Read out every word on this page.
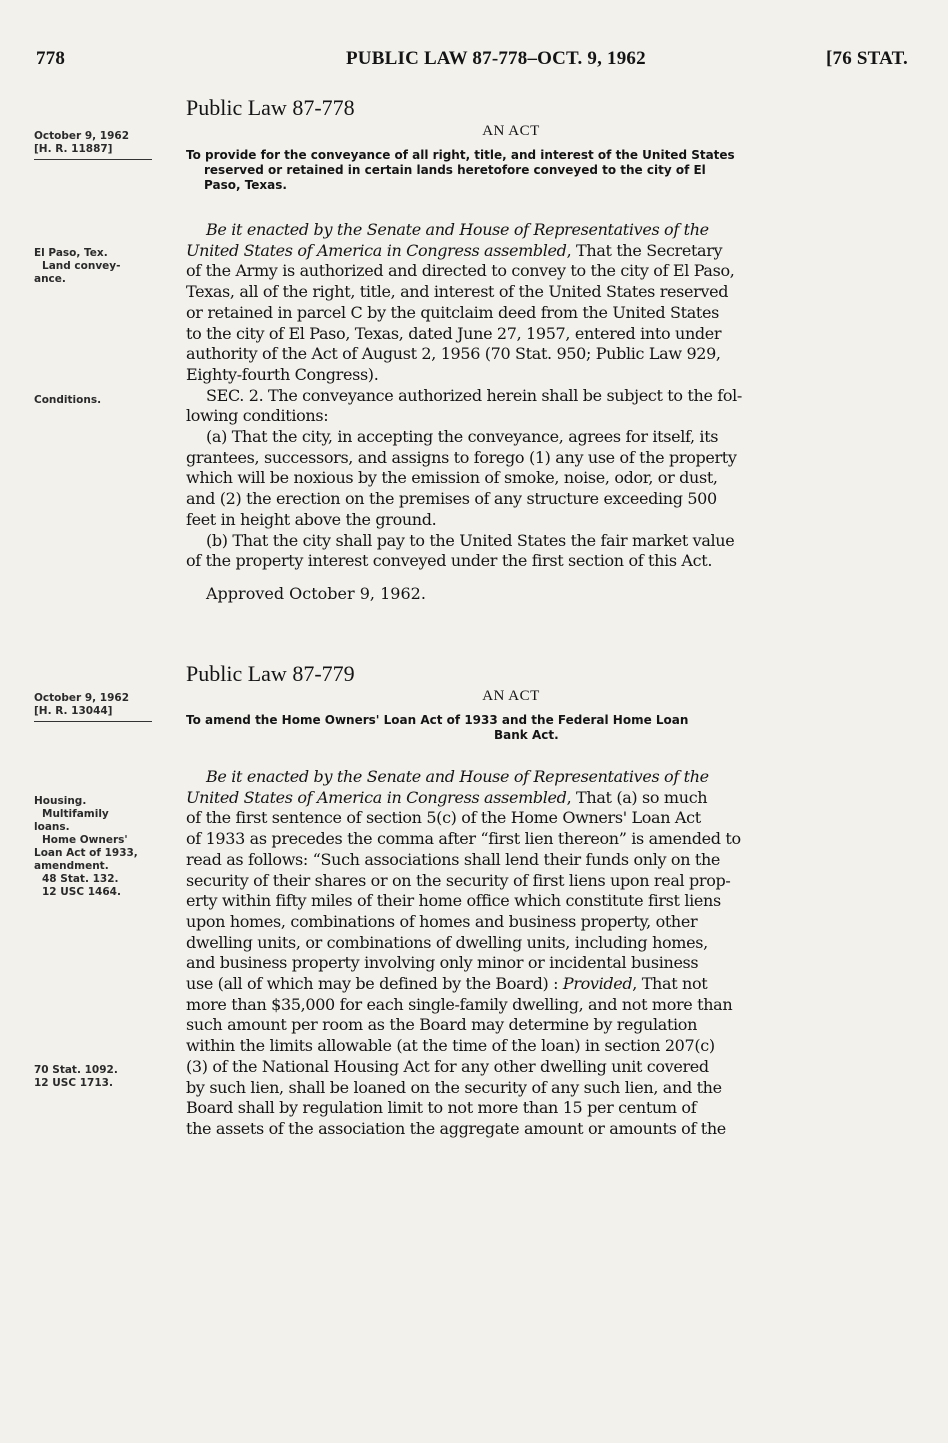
778	PUBLIC LAW 87-778–OCT. 9, 1962	[76 STAT.
Public Law 87-778
October 9, 1962
[H. R. 11887]
AN ACT
To provide for the conveyance of all right, title, and interest of the United States
reserved or retained in certain lands heretofore conveyed to the city of El
Paso, Texas.
El Paso, Tex.
Land convey-
ance.
Conditions.
Be it enacted by the Senate and House of Representatives of the
United States of America in Congress assembled, That the Secretary
of the Army is authorized and directed to convey to the city of El Paso,
Texas, all of the right, title, and interest of the United States reserved
or retained in parcel C by the quitclaim deed from the United States
to the city of El Paso, Texas, dated June 27, 1957, entered into under
authority of the Act of August 2, 1956 (70 Stat. 950; Public Law 929,
Eighty-fourth Congress).
SEC. 2. The conveyance authorized herein shall be subject to the fol-
lowing conditions:
(a) That the city, in accepting the conveyance, agrees for itself, its
grantees, successors, and assigns to forego (1) any use of the property
which will be noxious by the emission of smoke, noise, odor, or dust,
and (2) the erection on the premises of any structure exceeding 500
feet in height above the ground.
(b) That the city shall pay to the United States the fair market value
of the property interest conveyed under the first section of this Act.
Approved October 9, 1962.
Public Law 87-779
October 9, 1962
[H. R. 13044]
AN ACT
To amend the Home Owners' Loan Act of 1933 and the Federal Home Loan
Bank Act.
Housing.
Multifamily
loans.
Home Owners'
Loan Act of 1933,
amendment.
48 Stat. 132.
12 USC 1464.
70 Stat. 1092.
12 USC 1713.
Be it enacted by the Senate and House of Representatives of the
United States of America in Congress assembled, That (a) so much
of the first sentence of section 5(c) of the Home Owners' Loan Act
of 1933 as precedes the comma after “first lien thereon” is amended to
read as follows: “Such associations shall lend their funds only on the
security of their shares or on the security of first liens upon real prop-
erty within fifty miles of their home office which constitute first liens
upon homes, combinations of homes and business property, other
dwelling units, or combinations of dwelling units, including homes,
and business property involving only minor or incidental business
use (all of which may be defined by the Board) : Provided, That not
more than $35,000 for each single-family dwelling, and not more than
such amount per room as the Board may determine by regulation
within the limits allowable (at the time of the loan) in section 207(c)
(3) of the National Housing Act for any other dwelling unit covered
by such lien, shall be loaned on the security of any such lien, and the
Board shall by regulation limit to not more than 15 per centum of
the assets of the association the aggregate amount or amounts of the
